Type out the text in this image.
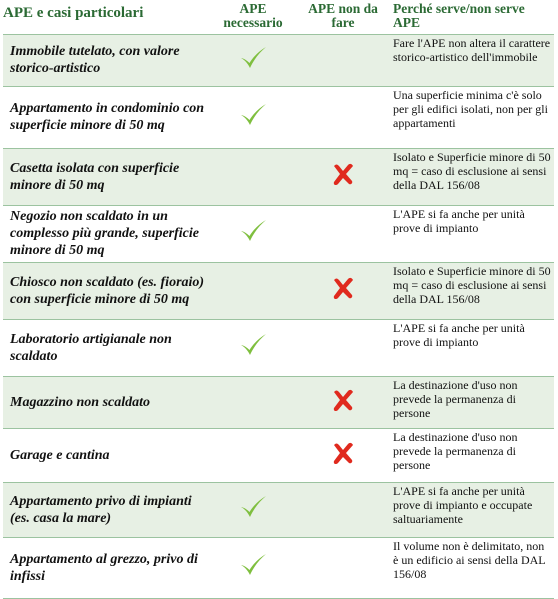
APE e casi particolari	APE necessario	APE non da fare	Perché serve/non serve APE
Immobile tutelato, con valore storico-artistico			Fare l'APE non altera il carattere storico-artistico dell'immobile
Appartamento in condominio con superficie minore di 50 mq			Una superficie minima c'è solo per gli edifici isolati, non per gli appartamenti
Casetta isolata con superficie minore di 50 mq			Isolato e Superficie minore di 50 mq = caso di esclusione ai sensi della DAL 156/08
Negozio non scaldato in un complesso più grande, superficie minore di 50 mq			L'APE si fa anche per unità prove di impianto
Chiosco non scaldato (es. fioraio) con superficie minore di 50 mq			Isolato e Superficie minore di 50 mq = caso di esclusione ai sensi della DAL 156/08
Laboratorio artigianale non scaldato			L'APE si fa anche per unità prove di impianto
Magazzino non scaldato			La destinazione d'uso non prevede la permanenza di persone
Garage e cantina			La destinazione d'uso non prevede la permanenza di persone
Appartamento privo di impianti (es. casa la mare)			L'APE si fa anche per unità prove di impianto e occupate saltuariamente
Appartamento al grezzo, privo di infissi			Il volume non è delimitato, non è un edificio ai sensi della DAL 156/08
